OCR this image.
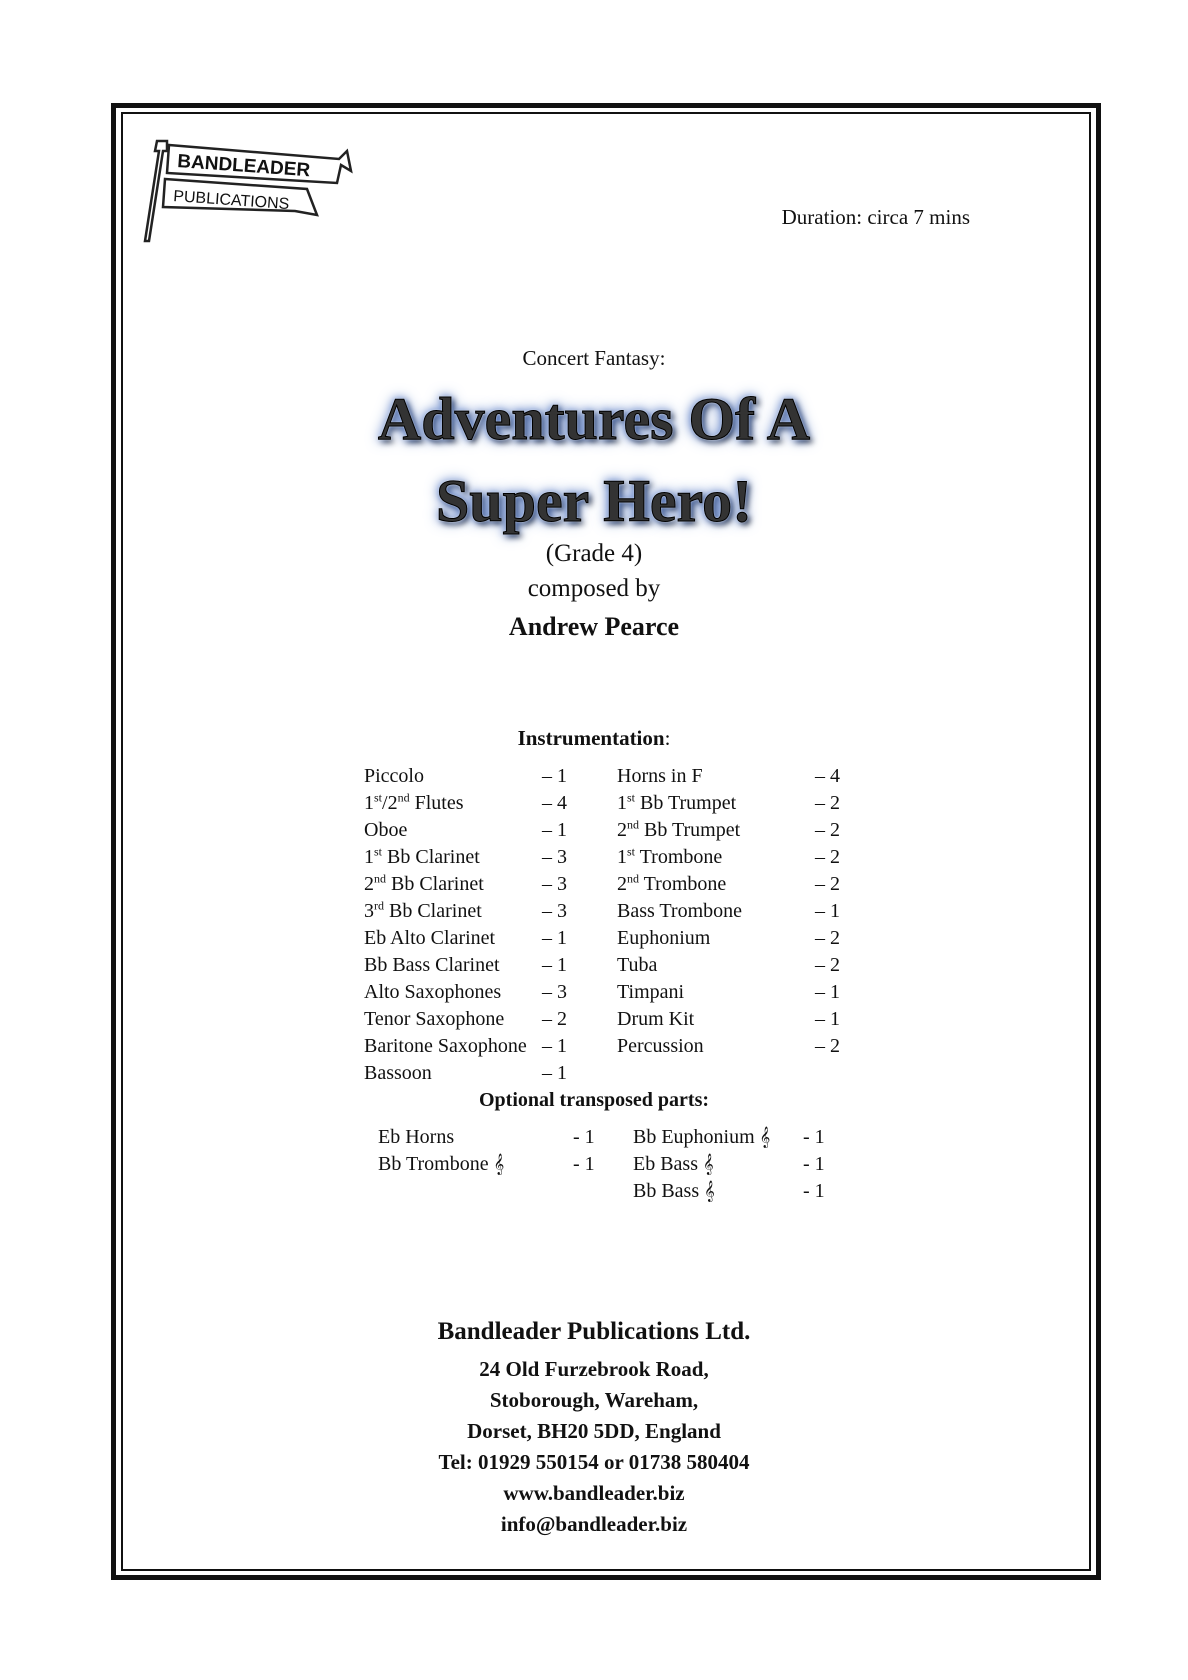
BANDLEADER
PUBLICATIONS
Duration: circa 7 mins
Concert Fantasy:
Adventures Of A
Super Hero!
(Grade 4)
composed by
Andrew Pearce
Instrumentation:
Piccolo	– 1
1st/2nd Flutes	– 4
Oboe	– 1
1st Bb Clarinet	– 3
2nd Bb Clarinet	– 3
3rd Bb Clarinet	– 3
Eb Alto Clarinet – 1
Bb Bass Clarinet – 1
Alto Saxophones – 3
Tenor Saxophone – 2
Baritone Saxophone – 1
Bassoon	– 1
Horns in F	– 4
1st Bb Trumpet	– 2
2nd Bb Trumpet	– 2
1st Trombone	– 2
2nd Trombone	– 2
Bass Trombone	– 1
Euphonium	– 2
Tuba	– 2
Timpani	– 1
Drum Kit	– 1
Percussion	– 2
Optional transposed parts:
Eb Horns	- 1
Bb Trombone 𝄞	- 1
Bb Euphonium 𝄞 - 1
Eb Bass 𝄞	- 1
Bb Bass 𝄞	- 1
Bandleader Publications Ltd.
24 Old Furzebrook Road,
Stoborough, Wareham,
Dorset, BH20 5DD, England
Tel: 01929 550154 or 01738 580404
www.bandleader.biz
info@bandleader.biz
